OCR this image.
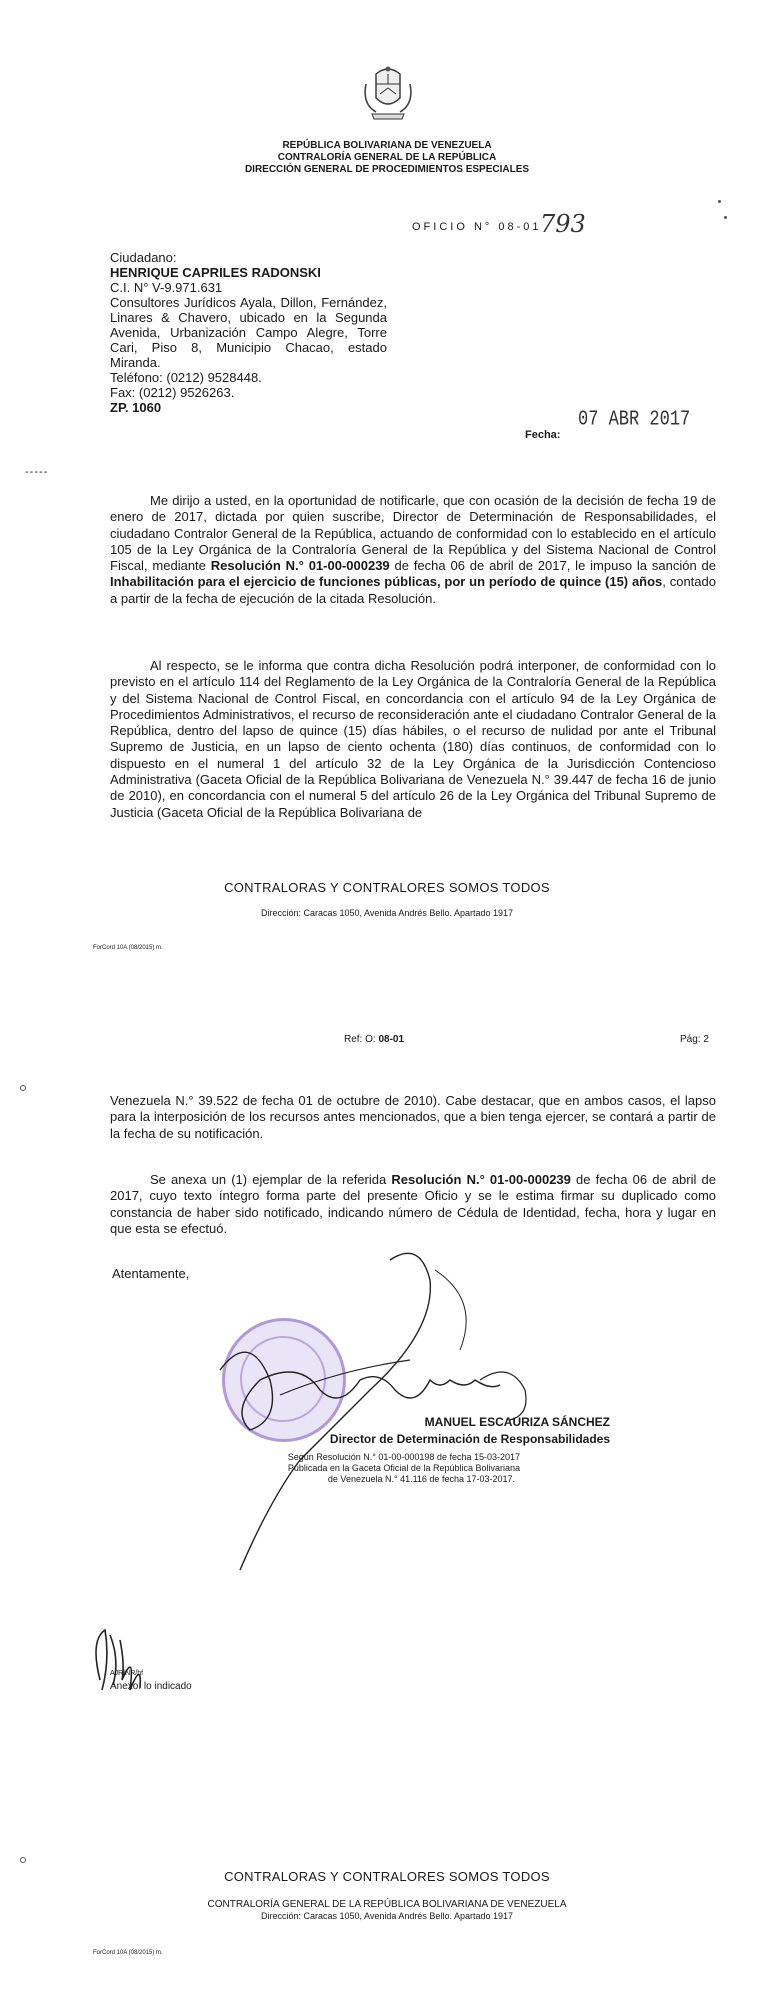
REPÚBLICA BOLIVARIANA DE VENEZUELA
CONTRALORÍA GENERAL DE LA REPÚBLICA
DIRECCIÓN GENERAL DE PROCEDIMIENTOS ESPECIALES
OFICIO N° 08-01
793
Ciudadano:
HENRIQUE CAPRILES RADONSKI
C.I. N° V-9.971.631
Consultores Jurídicos Ayala, Dillon, Fernández, Linares & Chavero, ubicado en la Segunda Avenida, Urbanización Campo Alegre, Torre Cari, Piso 8, Municipio Chacao, estado Miranda.
Teléfono: (0212) 9528448.
Fax: (0212) 9526263.
ZP. 1060
07 ABR 2017
Fecha:
-----

Me dirijo a usted, en la oportunidad de notificarle, que con ocasión de la decisión de fecha 19 de enero de 2017, dictada por quien suscribe, Director de Determinación de Responsabilidades, el ciudadano Contralor General de la República, actuando de conformidad con lo establecido en el artículo 105 de la Ley Orgánica de la Contraloría General de la República y del Sistema Nacional de Control Fiscal, mediante Resolución N.° 01-00-000239 de fecha 06 de abril de 2017, le impuso la sanción de Inhabilitación para el ejercicio de funciones públicas, por un período de quince (15) años, contado a partir de la fecha de ejecución de la citada Resolución.

Al respecto, se le informa que contra dicha Resolución podrá interponer, de conformidad con lo previsto en el artículo 114 del Reglamento de la Ley Orgánica de la Contraloría General de la República y del Sistema Nacional de Control Fiscal, en concordancia con el artículo 94 de la Ley Orgánica de Procedimientos Administrativos, el recurso de reconsideración ante el ciudadano Contralor General de la República, dentro del lapso de quince (15) días hábiles, o el recurso de nulidad por ante el Tribunal Supremo de Justicia, en un lapso de ciento ochenta (180) días continuos, de conformidad con lo dispuesto en el numeral 1 del artículo 32 de la Ley Orgánica de la Jurisdicción Contencioso Administrativa (Gaceta Oficial de la República Bolivariana de Venezuela N.° 39.447 de fecha 16 de junio de 2010), en concordancia con el numeral 5 del artículo 26 de la Ley Orgánica del Tribunal Supremo de Justicia (Gaceta Oficial de la República Bolivariana de

CONTRALORAS Y CONTRALORES SOMOS TODOS
Dirección: Caracas 1050, Avenida Andrés Bello. Apartado 1917
ForCord 10A (08/2015) m.
Ref: O: 08-01	Pág: 2

Venezuela N.° 39.522 de fecha 01 de octubre de 2010). Cabe destacar, que en ambos casos, el lapso para la interposición de los recursos antes mencionados, que a bien tenga ejercer, se contará a partir de la fecha de su notificación.

Se anexa un (1) ejemplar de la referida Resolución N.° 01-00-000239 de fecha 06 de abril de 2017, cuyo texto íntegro forma parte del presente Oficio y se le estima firmar su duplicado como constancia de haber sido notificado, indicando número de Cédula de Identidad, fecha, hora y lugar en que esta se efectuó.

Atentamente,
MANUEL ESCAURIZA SÁNCHEZ
Director de Determinación de Responsabilidades
Según Resolución N.° 01-00-000198 de fecha 15-03-2017
Publicada en la Gaceta Oficial de la República Bolivariana
de Venezuela N.° 41.116 de fecha 17-03-2017.
AJR/NR/hf
Anexo: lo indicado
CONTRALORAS Y CONTRALORES SOMOS TODOS
CONTRALORÍA GENERAL DE LA REPÚBLICA BOLIVARIANA DE VENEZUELA
Dirección: Caracas 1050, Avenida Andrés Bello. Apartado 1917
ForCord 10A (08/2015) m.
